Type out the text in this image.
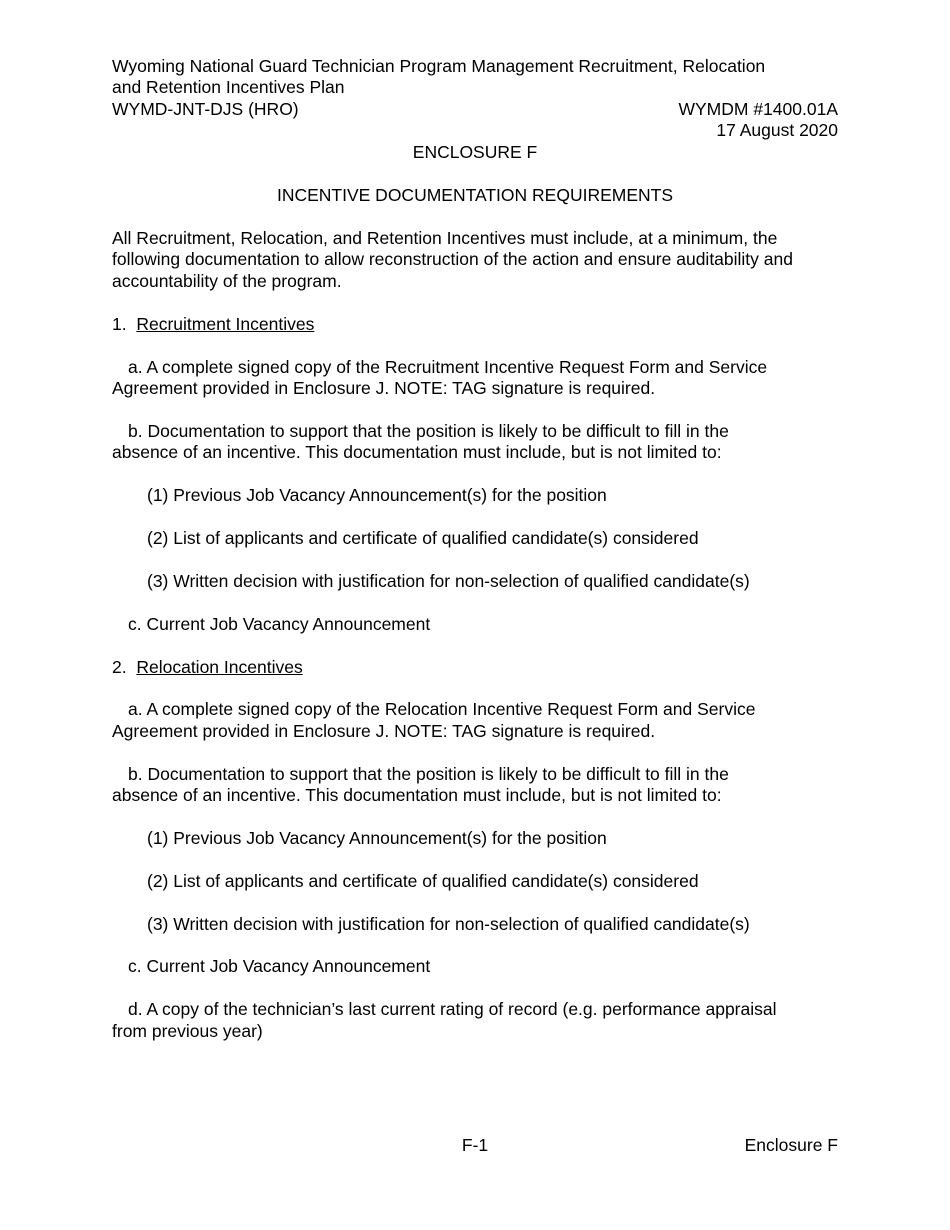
Wyoming National Guard Technician Program Management Recruitment, Relocation

and Retention Incentives Plan

WYMD-JNT-DJS (HRO)	WYMDM #1400.01A

17 August 2020

ENCLOSURE F

INCENTIVE DOCUMENTATION REQUIREMENTS

All Recruitment, Relocation, and Retention Incentives must include, at a minimum, the

following documentation to allow reconstruction of the action and ensure auditability and

accountability of the program.

1. Recruitment Incentives

a. A complete signed copy of the Recruitment Incentive Request Form and Service

Agreement provided in Enclosure J. NOTE: TAG signature is required.

b. Documentation to support that the position is likely to be difficult to fill in the

absence of an incentive. This documentation must include, but is not limited to:

(1) Previous Job Vacancy Announcement(s) for the position

(2) List of applicants and certificate of qualified candidate(s) considered

(3) Written decision with justification for non-selection of qualified candidate(s)

c. Current Job Vacancy Announcement

2. Relocation Incentives

a. A complete signed copy of the Relocation Incentive Request Form and Service

Agreement provided in Enclosure J. NOTE: TAG signature is required.

b. Documentation to support that the position is likely to be difficult to fill in the

absence of an incentive. This documentation must include, but is not limited to:

(1) Previous Job Vacancy Announcement(s) for the position

(2) List of applicants and certificate of qualified candidate(s) considered

(3) Written decision with justification for non-selection of qualified candidate(s)

c. Current Job Vacancy Announcement

d. A copy of the technician’s last current rating of record (e.g. performance appraisal

from previous year)

F-1	Enclosure F
